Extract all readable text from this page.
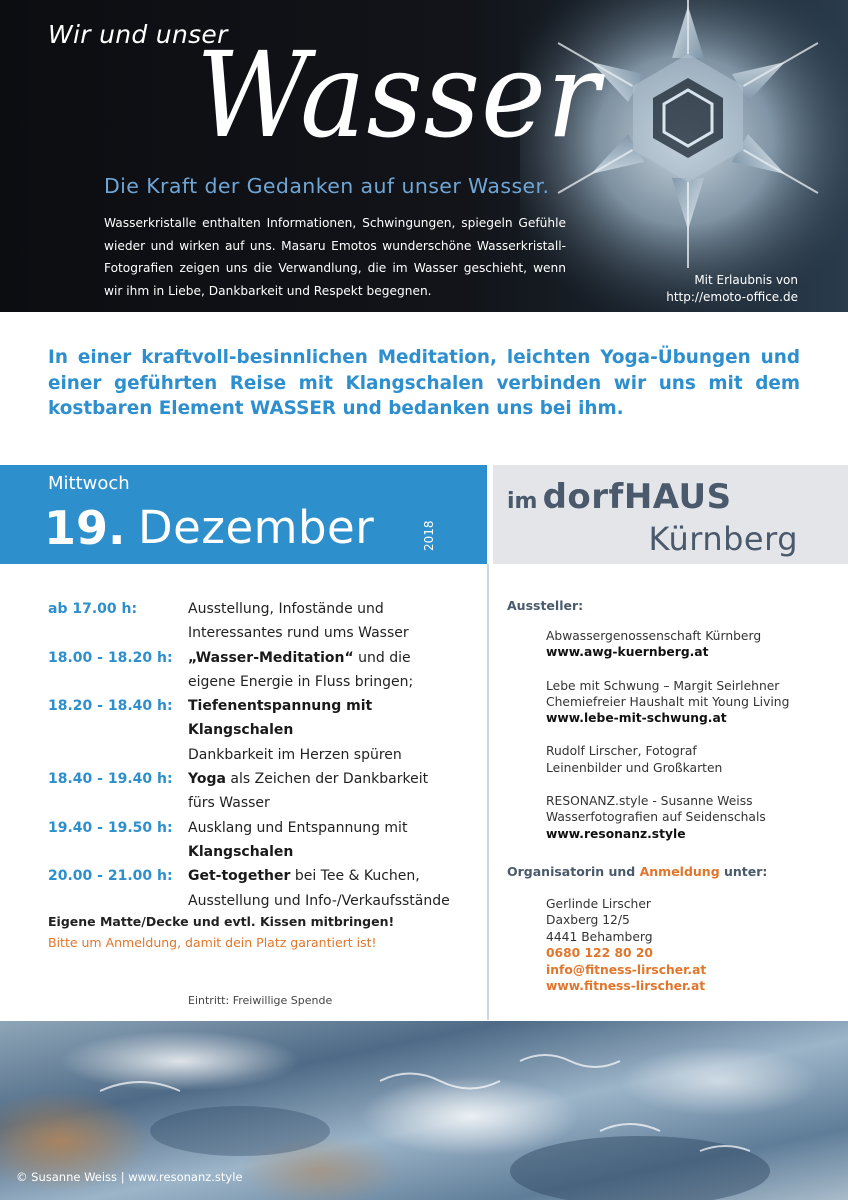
Wir und unser
Wasser
Die Kraft der Gedanken auf unser Wasser.
Wasserkristalle enthalten Informationen, Schwingungen, spiegeln Gefühle wieder und wirken auf uns. Masaru Emotos wunderschöne Wasserkristall-Fotografien zeigen uns die Verwandlung, die im Wasser geschieht, wenn wir ihm in Liebe, Dankbarkeit und Respekt begegnen.
Mit Erlaubnis von
http://emoto-office.de
In einer kraftvoll-besinnlichen Meditation, leichten Yoga-Übungen und einer geführten Reise mit Klangschalen verbinden wir uns mit dem kostbaren Element WASSER und bedanken uns bei ihm.
Mittwoch
19. Dezember	2018
im dorfHAUS
Kürnberg
ab 17.00 h:	Ausstellung, Infostände und
Interessantes rund ums Wasser
18.00 - 18.20 h:	„Wasser-Meditation“ und die
eigene Energie in Fluss bringen;
18.20 - 18.40 h:	Tiefenentspannung mit Klangschalen
Dankbarkeit im Herzen spüren
18.40 - 19.40 h:	Yoga als Zeichen der Dankbarkeit
fürs Wasser
19.40 - 19.50 h:	Ausklang und Entspannung mit
Klangschalen
20.00 - 21.00 h:	Get-together bei Tee & Kuchen,
Ausstellung und Info-/Verkaufsstände
Eigene Matte/Decke und evtl. Kissen mitbringen!
Bitte um Anmeldung, damit dein Platz garantiert ist!
Eintritt: Freiwillige Spende
Aussteller:
Abwassergenossenschaft Kürnberg
www.awg-kuernberg.at
Lebe mit Schwung – Margit Seirlehner
Chemiefreier Haushalt mit Young Living
www.lebe-mit-schwung.at
Rudolf Lirscher, Fotograf
Leinenbilder und Großkarten
RESONANZ.style - Susanne Weiss
Wasserfotografien auf Seidenschals
www.resonanz.style
Organisatorin und Anmeldung unter:
Gerlinde Lirscher
Daxberg 12/5
4441 Behamberg
0680 122 80 20
info@fitness-lirscher.at
www.fitness-lirscher.at
© Susanne Weiss | www.resonanz.style
